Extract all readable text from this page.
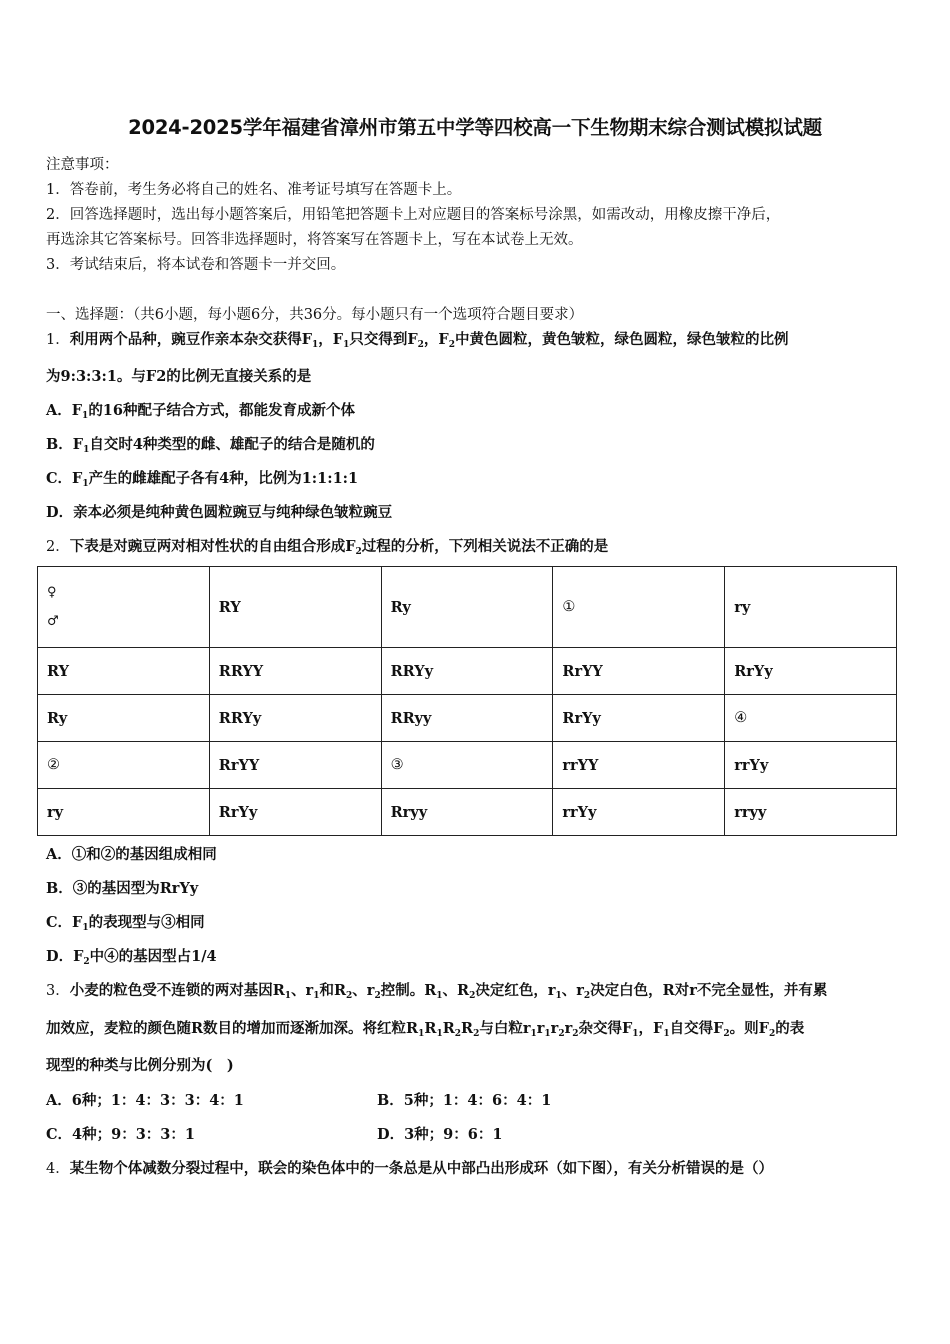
2024-2025学年福建省漳州市第五中学等四校高一下生物期末综合测试模拟试题
注意事项：
1．答卷前，考生务必将自己的姓名、准考证号填写在答题卡上。
2．回答选择题时，选出每小题答案后，用铅笔把答题卡上对应题目的答案标号涂黑，如需改动，用橡皮擦干净后，
再选涂其它答案标号。回答非选择题时，将答案写在答题卡上，写在本试卷上无效。
3．考试结束后，将本试卷和答题卡一并交回。
一、选择题：（共6小题，每小题6分，共36分。每小题只有一个选项符合题目要求）
1．利用两个品种，豌豆作亲本杂交获得$F_1$，$F_1$只交得到$F_2$，$F_2$中黄色圆粒，黄色皱粒，绿色圆粒，绿色皱粒的比例
为9:3:3:1。与F2的比例无直接关系的是
A．$F_1$的16种配子结合方式，都能发育成新个体
B．$F_1$自交时4种类型的雌、雄配子的结合是随机的
C．$F_1$产生的雌雄配子各有4种，比例为1:1:1:1
D．亲本必须是纯种黄色圆粒豌豆与纯种绿色皱粒豌豆
2．下表是对豌豆两对相对性状的自由组合形成$F_2$过程的分析，下列相关说法不正确的是
♀
♂	RY	Ry	①	ry
RY	RRYY	RRYy	RrYY	RrYy
Ry	RRYy	RRyy	RrYy	④
②	RrYY	③	rrYY	rrYy
ry	RrYy	Rryy	rrYy	rryy
A．①和②的基因组成相同
B．③的基因型为RrYy
C．$F_1$的表现型与③相同
D．$F_2$中④的基因型占1/4
3．小麦的粒色受不连锁的两对基因$R_1$、$r_1$和$R_2$、$r_2$控制。$R_1$、$R_2$决定红色，$r_1$、$r_2$决定白色，R对r不完全显性，并有累
加效应，麦粒的颜色随R数目的增加而逐渐加深。将红粒$R_1R_1R_2R_2$与白粒$r_1r_1r_2r_2$杂交得$F_1$，$F_1$自交得$F_2$。则$F_2$的表
现型的种类与比例分别为(　)
A．6种；1：4：3：3：4：1	B．5种；1：4：6：4：1
C．4种；9：3：3：1	D．3种；9：6：1
4．某生物个体减数分裂过程中，联会的染色体中的一条总是从中部凸出形成环（如下图），有关分析错误的是（）
